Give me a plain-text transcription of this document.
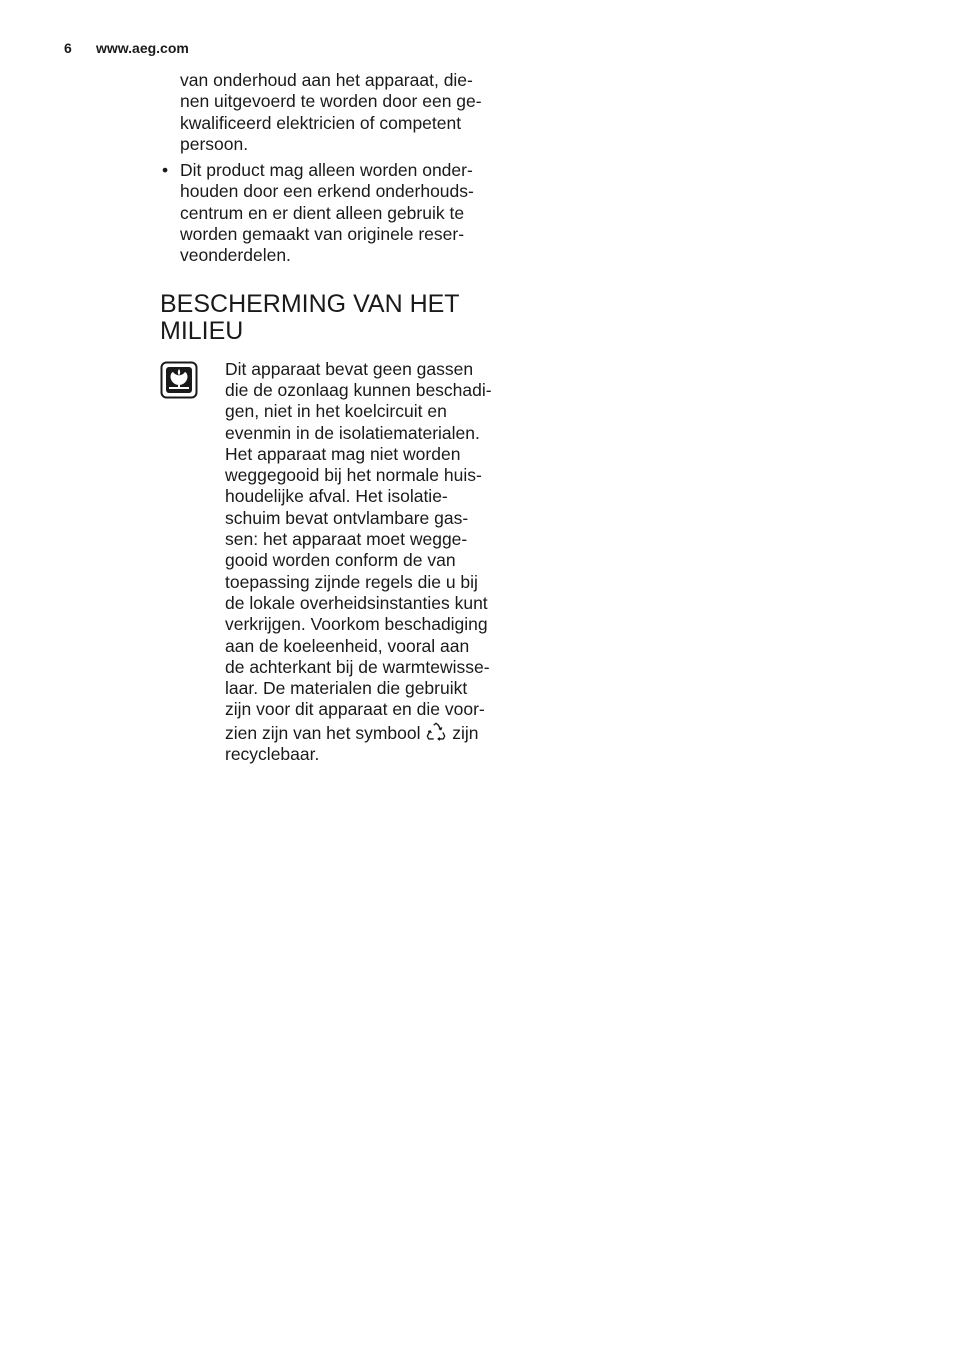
6	www.aeg.com

van onderhoud aan het apparaat, die-
nen uitgevoerd te worden door een ge-
kwalificeerd elektricien of competent
persoon.

• Dit product mag alleen worden onder-
houden door een erkend onderhouds-
centrum en er dient alleen gebruik te
worden gemaakt van originele reser-
veonderdelen.
BESCHERMING VAN HET
MILIEU
Dit apparaat bevat geen gassen
die de ozonlaag kunnen beschadi-
gen, niet in het koelcircuit en
evenmin in de isolatiematerialen.
Het apparaat mag niet worden
weggegooid bij het normale huis-
houdelijke afval. Het isolatie-
schuim bevat ontvlambare gas-
sen: het apparaat moet wegge-
gooid worden conform de van
toepassing zijnde regels die u bij
de lokale overheidsinstanties kunt
verkrijgen. Voorkom beschadiging
aan de koeleenheid, vooral aan
de achterkant bij de warmtewisse-
laar. De materialen die gebruikt
zijn voor dit apparaat en die voor-
zien zijn van het symbool  zijn
recyclebaar.
